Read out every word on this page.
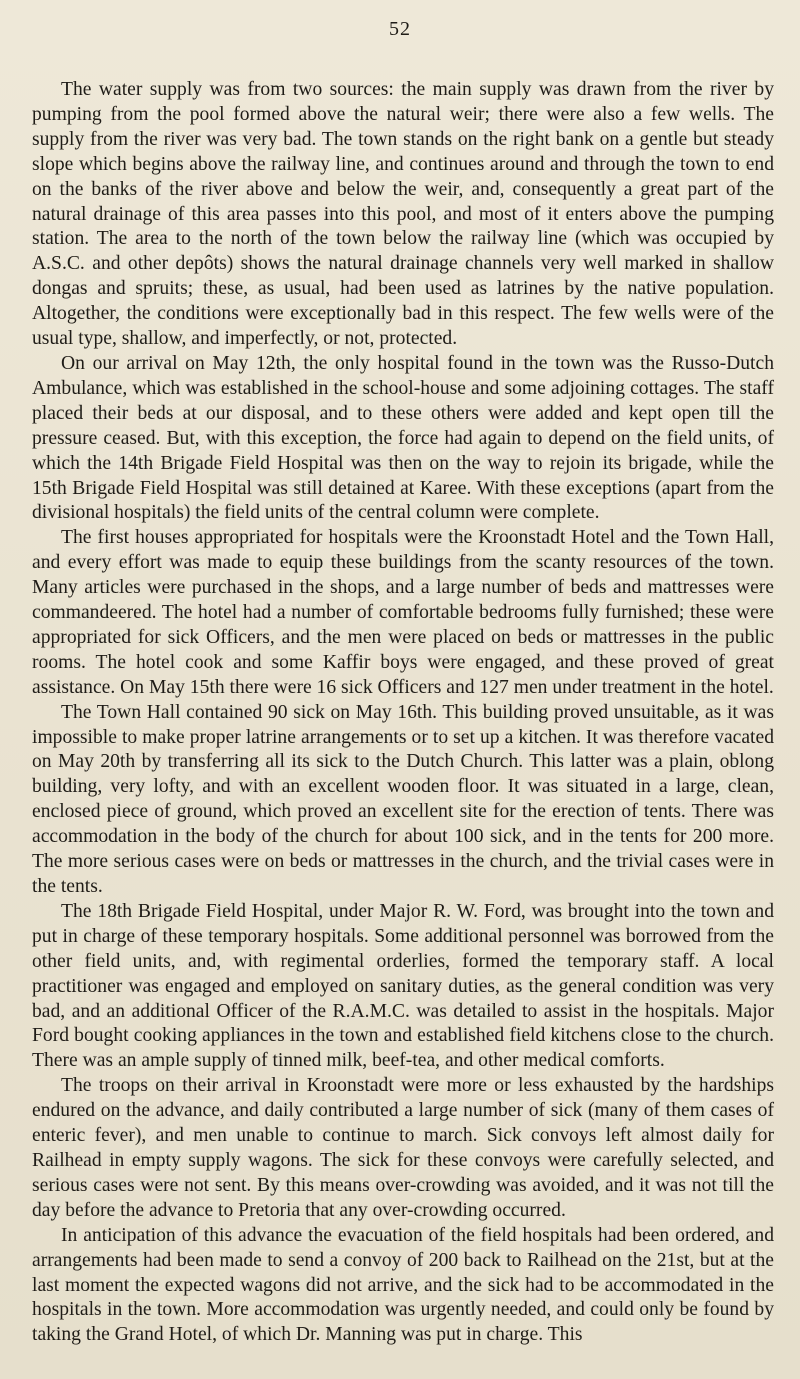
52

The water supply was from two sources: the main supply was drawn from the river by pumping from the pool formed above the natural weir; there were also a few wells. The supply from the river was very bad. The town stands on the right bank on a gentle but steady slope which begins above the railway line, and continues around and through the town to end on the banks of the river above and below the weir, and, consequently a great part of the natural drainage of this area passes into this pool, and most of it enters above the pumping station. The area to the north of the town below the railway line (which was occupied by A.S.C. and other depôts) shows the natural drainage channels very well marked in shallow dongas and spruits; these, as usual, had been used as latrines by the native population. Altogether, the conditions were exceptionally bad in this respect. The few wells were of the usual type, shallow, and imperfectly, or not, protected.

On our arrival on May 12th, the only hospital found in the town was the Russo-Dutch Ambulance, which was established in the school-house and some adjoining cottages. The staff placed their beds at our disposal, and to these others were added and kept open till the pressure ceased. But, with this exception, the force had again to depend on the field units, of which the 14th Brigade Field Hospital was then on the way to rejoin its brigade, while the 15th Brigade Field Hospital was still detained at Karee. With these exceptions (apart from the divisional hospitals) the field units of the central column were complete.

The first houses appropriated for hospitals were the Kroonstadt Hotel and the Town Hall, and every effort was made to equip these buildings from the scanty resources of the town. Many articles were purchased in the shops, and a large number of beds and mattresses were commandeered. The hotel had a number of comfortable bedrooms fully furnished; these were appropriated for sick Officers, and the men were placed on beds or mattresses in the public rooms. The hotel cook and some Kaffir boys were engaged, and these proved of great assistance. On May 15th there were 16 sick Officers and 127 men under treatment in the hotel.

The Town Hall contained 90 sick on May 16th. This building proved unsuitable, as it was impossible to make proper latrine arrangements or to set up a kitchen. It was therefore vacated on May 20th by transferring all its sick to the Dutch Church. This latter was a plain, oblong building, very lofty, and with an excellent wooden floor. It was situated in a large, clean, enclosed piece of ground, which proved an excellent site for the erection of tents. There was accommodation in the body of the church for about 100 sick, and in the tents for 200 more. The more serious cases were on beds or mattresses in the church, and the trivial cases were in the tents.

The 18th Brigade Field Hospital, under Major R. W. Ford, was brought into the town and put in charge of these temporary hospitals. Some additional personnel was borrowed from the other field units, and, with regimental orderlies, formed the temporary staff. A local practitioner was engaged and employed on sanitary duties, as the general condition was very bad, and an additional Officer of the R.A.M.C. was detailed to assist in the hospitals. Major Ford bought cooking appliances in the town and established field kitchens close to the church. There was an ample supply of tinned milk, beef-tea, and other medical comforts.

The troops on their arrival in Kroonstadt were more or less exhausted by the hardships endured on the advance, and daily contributed a large number of sick (many of them cases of enteric fever), and men unable to continue to march. Sick convoys left almost daily for Railhead in empty supply wagons. The sick for these convoys were carefully selected, and serious cases were not sent. By this means over-crowding was avoided, and it was not till the day before the advance to Pretoria that any over-crowding occurred.

In anticipation of this advance the evacuation of the field hospitals had been ordered, and arrangements had been made to send a convoy of 200 back to Railhead on the 21st, but at the last moment the expected wagons did not arrive, and the sick had to be accommodated in the hospitals in the town. More accommodation was urgently needed, and could only be found by taking the Grand Hotel, of which Dr. Manning was put in charge. This
